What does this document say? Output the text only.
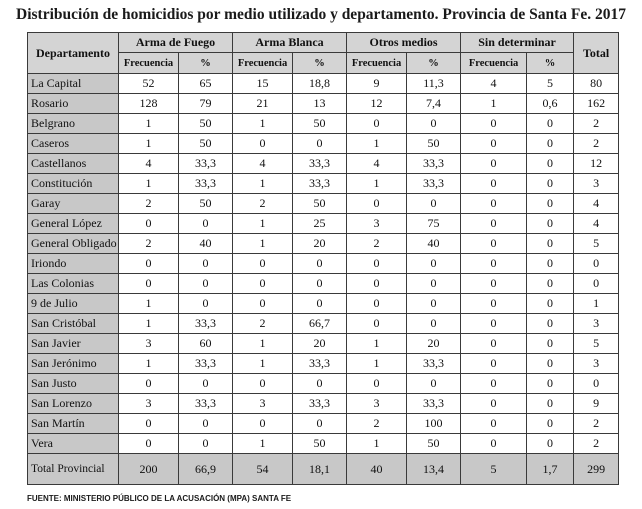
Distribución de homicidios por medio utilizado y departamento. Provincia de Santa Fe. 2017
Departamento	Arma de Fuego		Arma Blanca		Otros medios		Sin determinar		Total
	Frecuencia	%	Frecuencia	%	Frecuencia	%	Frecuencia	%	
La Capital	52	65	15	18,8	9	11,3	4	5	80
Rosario	128	79	21	13	12	7,4	1	0,6	162
Belgrano	1	50	1	50	0	0	0	0	2
Caseros	1	50	0	0	1	50	0	0	2
Castellanos	4	33,3	4	33,3	4	33,3	0	0	12
Constitución	1	33,3	1	33,3	1	33,3	0	0	3
Garay	2	50	2	50	0	0	0	0	4
General López	0	0	1	25	3	75	0	0	4
General Obligado	2	40	1	20	2	40	0	0	5
Iriondo	0	0	0	0	0	0	0	0	0
Las Colonias	0	0	0	0	0	0	0	0	0
9 de Julio	1	0	0	0	0	0	0	0	1
San Cristóbal	1	33,3	2	66,7	0	0	0	0	3
San Javier	3	60	1	20	1	20	0	0	5
San Jerónimo	1	33,3	1	33,3	1	33,3	0	0	3
San Justo	0	0	0	0	0	0	0	0	0
San Lorenzo	3	33,3	3	33,3	3	33,3	0	0	9
San Martín	0	0	0	0	2	100	0	0	2
Vera	0	0	1	50	1	50	0	0	2
Total Provincial	200	66,9	54	18,1	40	13,4	5	1,7	299
FUENTE: MINISTERIO PÚBLICO DE LA ACUSACIÓN (MPA) SANTA FE
